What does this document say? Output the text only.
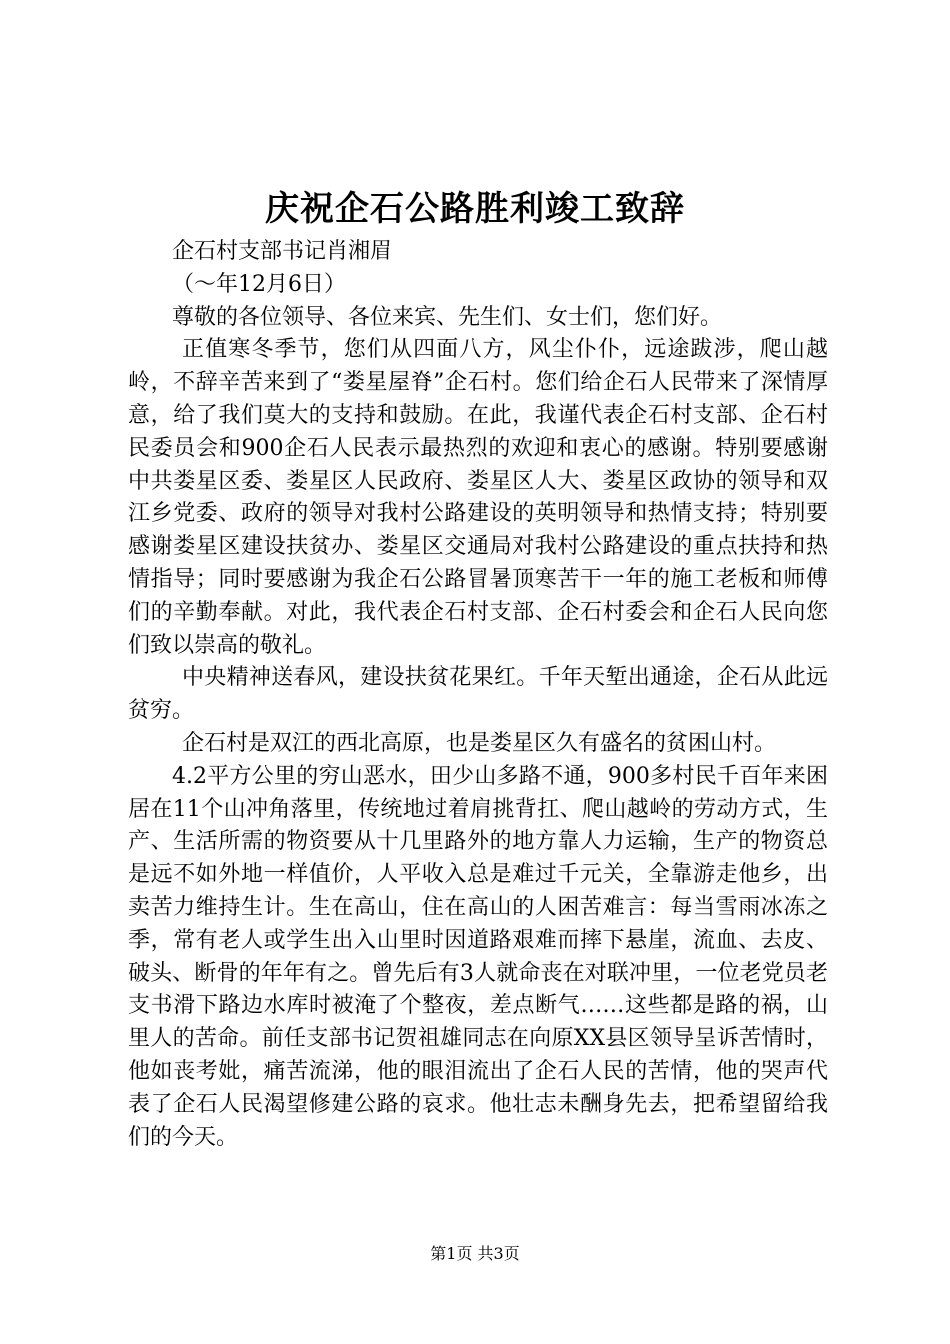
庆祝企石公路胜利竣工致辞

企石村支部书记肖湘眉

（～年12月6日）

尊敬的各位领导、各位来宾、先生们、女士们，您们好。

正值寒冬季节，您们从四面八方，风尘仆仆，远途跋涉，爬山越岭，不辞辛苦来到了“娄星屋脊”企石村。您们给企石人民带来了深情厚意，给了我们莫大的支持和鼓励。在此，我谨代表企石村支部、企石村民委员会和900企石人民表示最热烈的欢迎和衷心的感谢。特别要感谢中共娄星区委、娄星区人民政府、娄星区人大、娄星区政协的领导和双江乡党委、政府的领导对我村公路建设的英明领导和热情支持；特别要感谢娄星区建设扶贫办、娄星区交通局对我村公路建设的重点扶持和热情指导；同时要感谢为我企石公路冒暑顶寒苦干一年的施工老板和师傅们的辛勤奉献。对此，我代表企石村支部、企石村委会和企石人民向您们致以崇高的敬礼。

中央精神送春风，建设扶贫花果红。千年天堑出通途，企石从此远贫穷。

企石村是双江的西北高原，也是娄星区久有盛名的贫困山村。

4.2平方公里的穷山恶水，田少山多路不通，900多村民千百年来困居在11个山冲角落里，传统地过着肩挑背扛、爬山越岭的劳动方式，生产、生活所需的物资要从十几里路外的地方靠人力运输，生产的物资总是远不如外地一样值价，人平收入总是难过千元关，全靠游走他乡，出卖苦力维持生计。生在高山，住在高山的人困苦难言：每当雪雨冰冻之季，常有老人或学生出入山里时因道路艰难而摔下悬崖，流血、去皮、破头、断骨的年年有之。曾先后有3人就命丧在对联冲里，一位老党员老支书滑下路边水库时被淹了个整夜，差点断气……这些都是路的祸，山里人的苦命。前任支部书记贺祖雄同志在向原XX县区领导呈诉苦情时，他如丧考妣，痛苦流涕，他的眼泪流出了企石人民的苦情，他的哭声代表了企石人民渴望修建公路的哀求。他壮志未酬身先去，把希望留给我们的今天。

第1页 共3页
